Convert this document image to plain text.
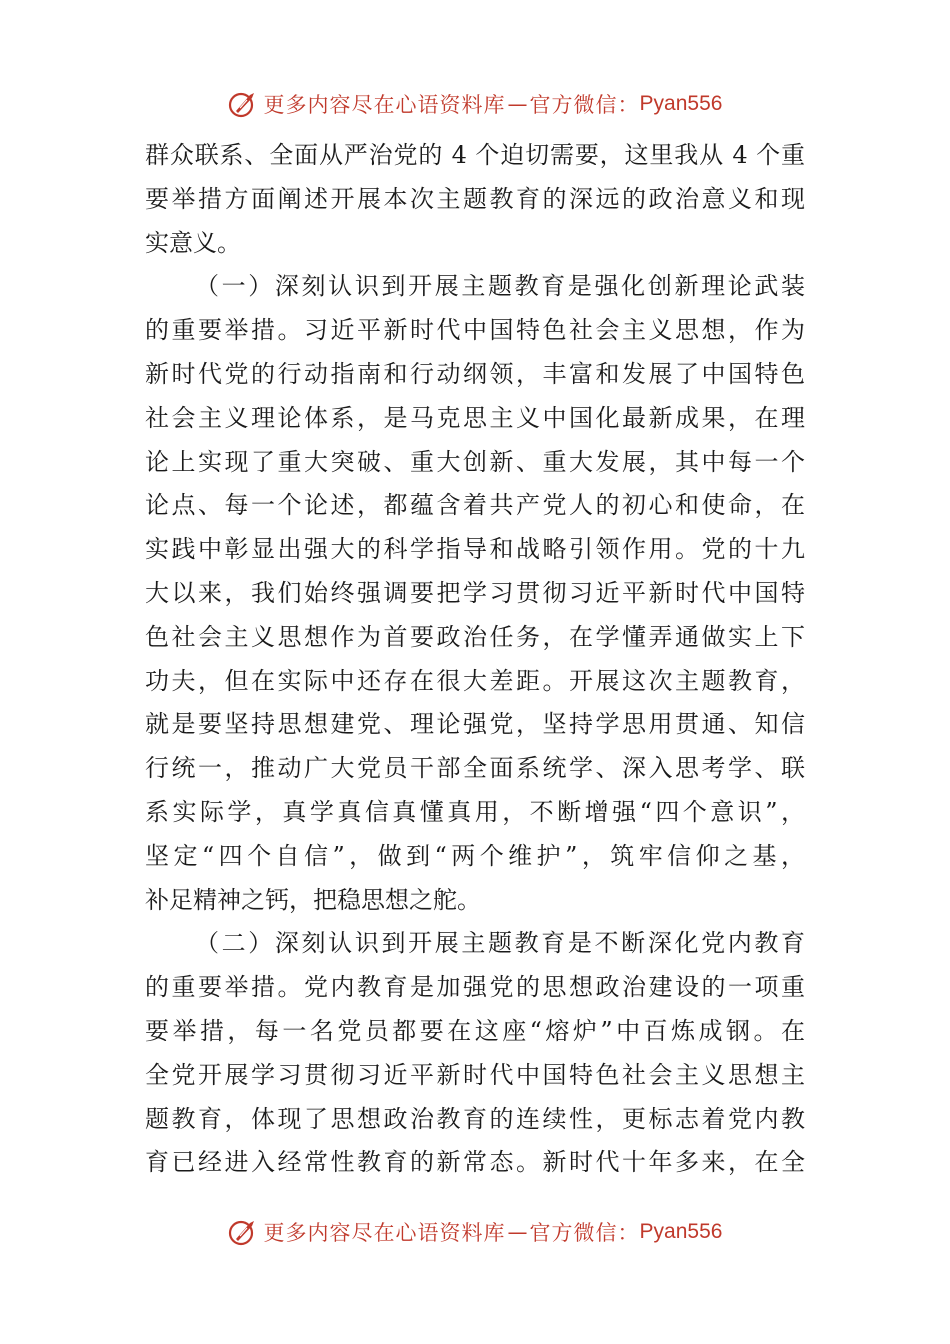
更多内容尽在心语资料库 — 官方微信： Pyan556
群众联系、全面从严治党的 4 个迫切需要，这里我从 4 个重
要举措方面阐述开展本次主题教育的深远的政治意义和现
实意义。
（一）深刻认识到开展主题教育是强化创新理论武装
的重要举措。习近平新时代中国特色社会主义思想，作为
新时代党的行动指南和行动纲领，丰富和发展了中国特色
社会主义理论体系，是马克思主义中国化最新成果，在理
论上实现了重大突破、重大创新、重大发展，其中每一个
论点、每一个论述，都蕴含着共产党人的初心和使命，在
实践中彰显出强大的科学指导和战略引领作用。党的十九
大以来，我们始终强调要把学习贯彻习近平新时代中国特
色社会主义思想作为首要政治任务，在学懂弄通做实上下
功夫，但在实际中还存在很大差距。开展这次主题教育，
就是要坚持思想建党、理论强党，坚持学思用贯通、知信
行统一，推动广大党员干部全面系统学、深入思考学、联
系实际学，真学真信真懂真用，不断增强“四个意识”，
坚定“四个自信”，做到“两个维护”，筑牢信仰之基，
补足精神之钙，把稳思想之舵。
（二）深刻认识到开展主题教育是不断深化党内教育
的重要举措。党内教育是加强党的思想政治建设的一项重
要举措，每一名党员都要在这座“熔炉”中百炼成钢。在
全党开展学习贯彻习近平新时代中国特色社会主义思想主
题教育，体现了思想政治教育的连续性，更标志着党内教
育已经进入经常性教育的新常态。新时代十年多来，在全
更多内容尽在心语资料库 — 官方微信： Pyan556
